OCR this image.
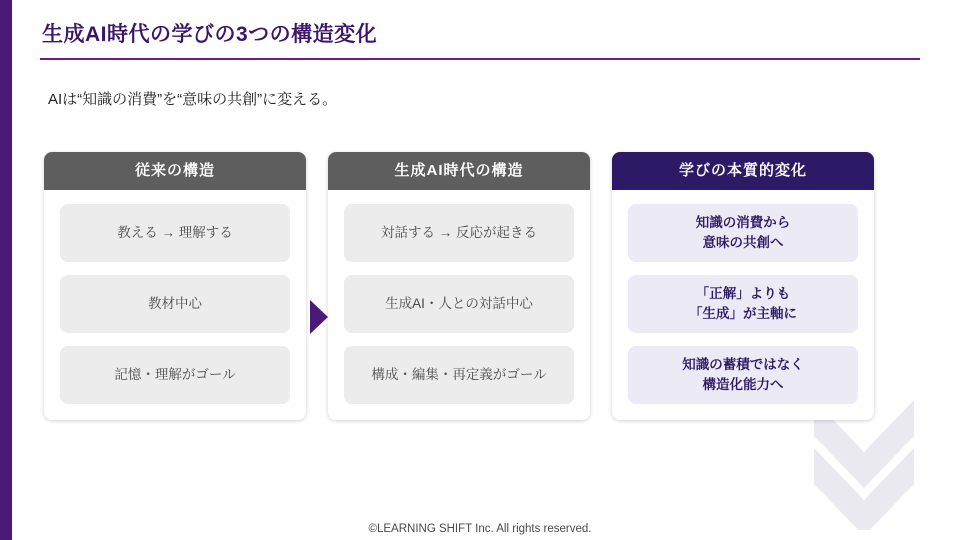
生成AI時代の学びの3つの構造変化
AIは“知識の消費”を“意味の共創”に変える。
従来の構造
教える → 理解する
教材中心
記憶・理解がゴール
生成AI時代の構造
対話する → 反応が起きる
生成AI・人との対話中心
構成・編集・再定義がゴール
学びの本質的変化
知識の消費から
意味の共創へ
「正解」よりも
「生成」が主軸に
知識の蓄積ではなく
構造化能力へ
©LEARNING SHIFT Inc. All rights reserved.
